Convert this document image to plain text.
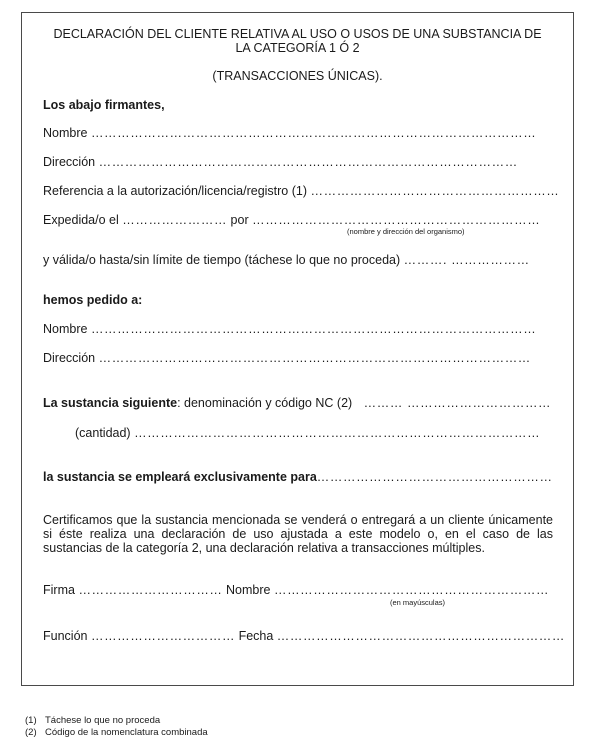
DECLARACIÓN DEL CLIENTE RELATIVA AL USO O USOS DE UNA SUBSTANCIA DE
LA CATEGORÍA 1 Ó 2
(TRANSACCIONES ÚNICAS).
Los abajo firmantes,
Nombre …………………………………………………………………………………………
Dirección ……………………………………………………………………………………
Referencia a la autorización/licencia/registro (1) …………………………………………………
Expedida/o el …………………… por …………………………………………………………
(nombre y dirección del organismo)
y válida/o hasta/sin límite de tiempo (táchese lo que no proceda) ………. ………………
hemos pedido a:
Nombre …………………………………………………………………………………………
Dirección ………………………………………………………………………………………
La sustancia siguiente: denominación y código NC (2) ……… ……………………………
(cantidad) …………………………………………………………………………………
la sustancia se empleará exclusivamente para………………………………………………
Certificamos que la sustancia mencionada se venderá o entregará a un cliente únicamente si éste realiza una declaración de uso ajustada a este modelo o, en el caso de las sustancias de la categoría 2, una declaración relativa a transacciones múltiples.
Firma …………………………… Nombre ………………………………………………………
(en mayúsculas)
Función …………………………… Fecha …………………………………………………………
(1) Táchese lo que no proceda
(2) Código de la nomenclatura combinada
